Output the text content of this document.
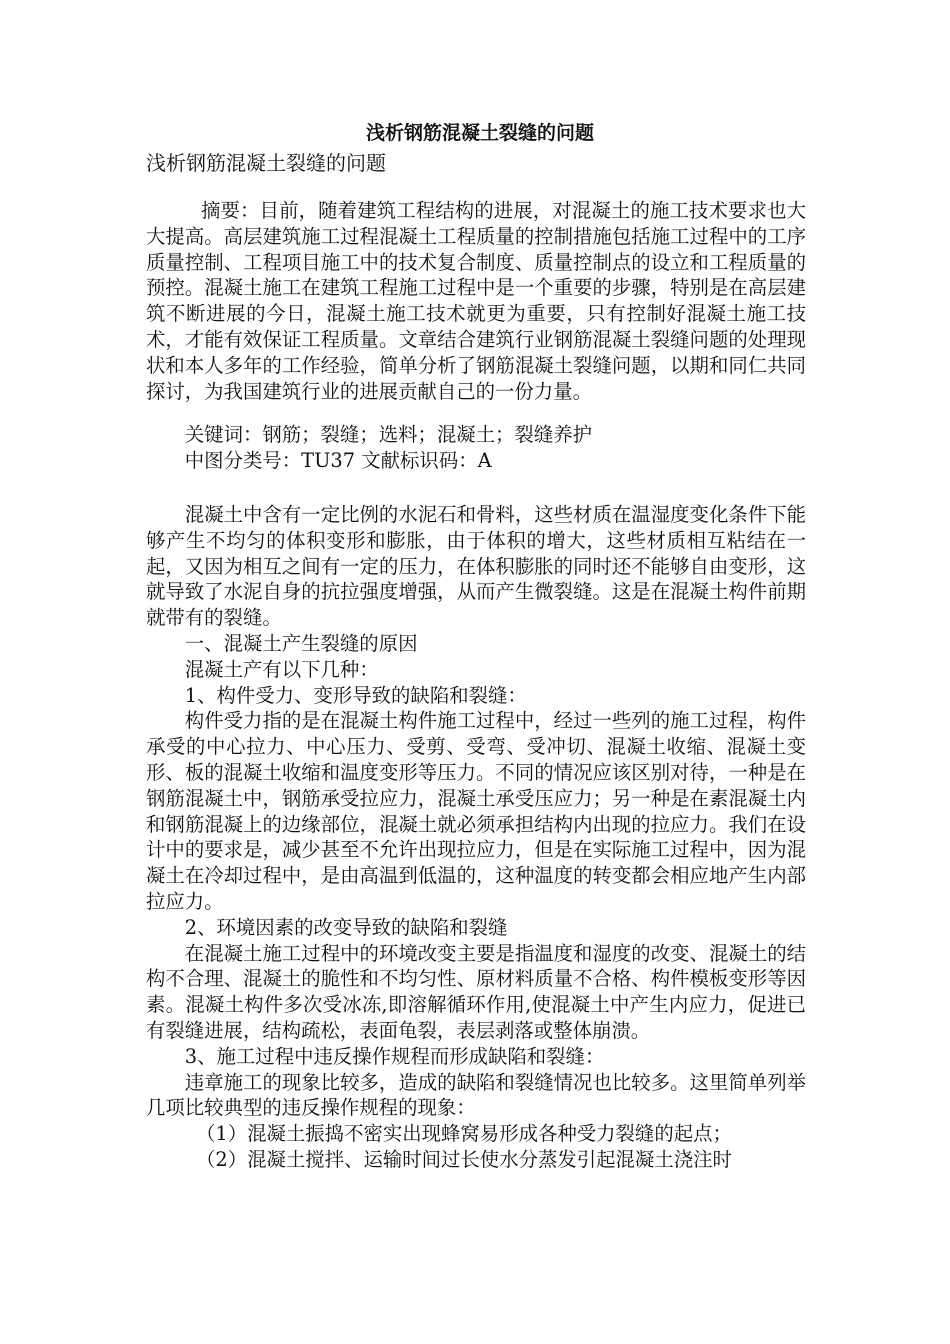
浅析钢筋混凝土裂缝的问题

浅析钢筋混凝土裂缝的问题

摘要：目前，随着建筑工程结构的进展，对混凝土的施工技术要求也大大提高。高层建筑施工过程混凝土工程质量的控制措施包括施工过程中的工序质量控制、工程项目施工中的技术复合制度、质量控制点的设立和工程质量的预控。混凝土施工在建筑工程施工过程中是一个重要的步骤，特别是在高层建筑不断进展的今日，混凝土施工技术就更为重要，只有控制好混凝土施工技术，才能有效保证工程质量。文章结合建筑行业钢筋混凝土裂缝问题的处理现状和本人多年的工作经验，简单分析了钢筋混凝土裂缝问题，以期和同仁共同探讨，为我国建筑行业的进展贡献自己的一份力量。

关键词：钢筋；裂缝；选料；混凝土；裂缝养护

中图分类号：TU37 文献标识码：A

混凝土中含有一定比例的水泥石和骨料，这些材质在温湿度变化条件下能够产生不均匀的体积变形和膨胀，由于体积的增大，这些材质相互粘结在一起，又因为相互之间有一定的压力，在体积膨胀的同时还不能够自由变形，这就导致了水泥自身的抗拉强度增强，从而产生微裂缝。这是在混凝土构件前期就带有的裂缝。

一、混凝土产生裂缝的原因

混凝土产有以下几种：

1、构件受力、变形导致的缺陷和裂缝：

构件受力指的是在混凝土构件施工过程中，经过一些列的施工过程，构件承受的中心拉力、中心压力、受剪、受弯、受冲切、混凝土收缩、混凝土变形、板的混凝土收缩和温度变形等压力。不同的情况应该区别对待，一种是在钢筋混凝土中，钢筋承受拉应力，混凝土承受压应力；另一种是在素混凝土内和钢筋混凝上的边缘部位，混凝土就必须承担结构内出现的拉应力。我们在设计中的要求是，减少甚至不允许出现拉应力，但是在实际施工过程中，因为混凝土在冷却过程中，是由高温到低温的，这种温度的转变都会相应地产生内部拉应力。

2、环境因素的改变导致的缺陷和裂缝

在混凝土施工过程中的环境改变主要是指温度和湿度的改变、混凝土的结构不合理、混凝土的脆性和不均匀性、原材料质量不合格、构件模板变形等因素。混凝土构件多次受冰冻,即溶解循环作用,使混凝土中产生内应力，促进已有裂缝进展，结构疏松，表面龟裂，表层剥落或整体崩溃。

3、施工过程中违反操作规程而形成缺陷和裂缝：

违章施工的现象比较多，造成的缺陷和裂缝情况也比较多。这里简单列举几项比较典型的违反操作规程的现象：

（1）混凝土振捣不密实出现蜂窝易形成各种受力裂缝的起点；

（2）混凝土搅拌、运输时间过长使水分蒸发引起混凝土浇注时
